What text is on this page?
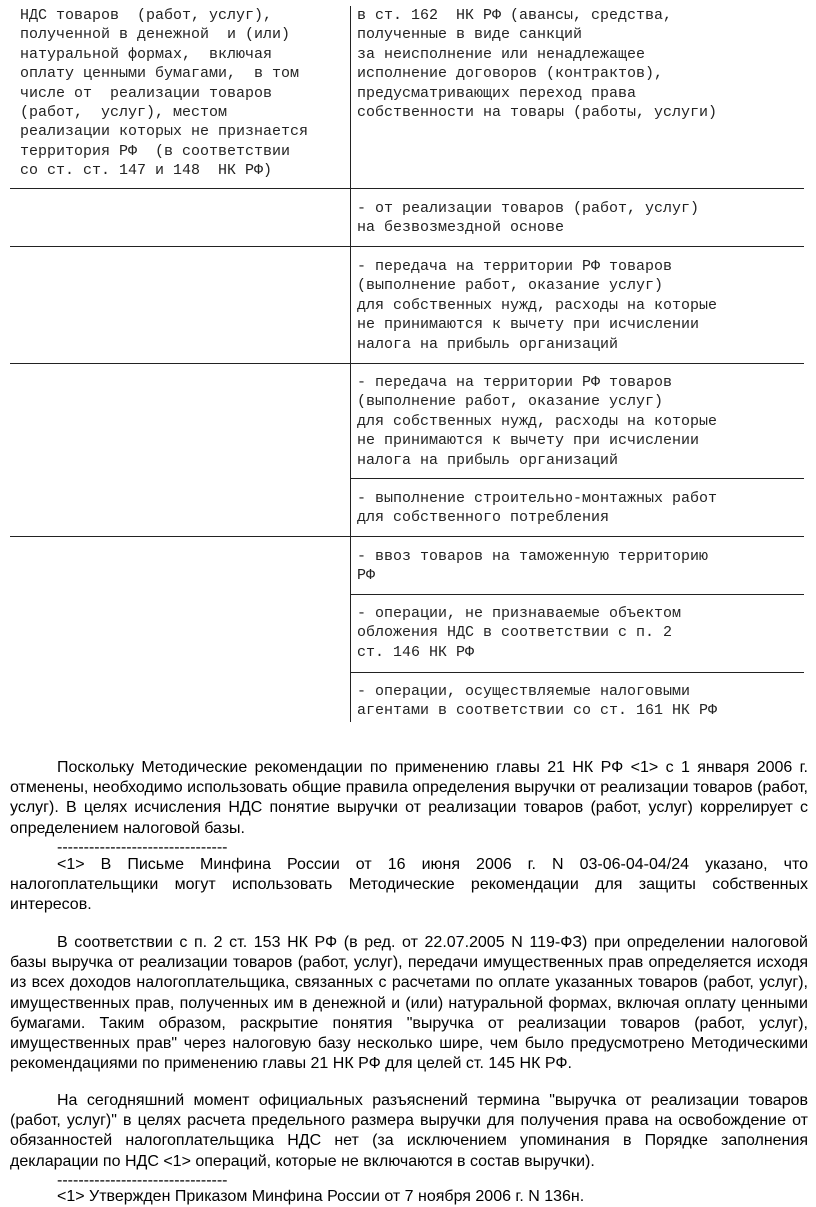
НДС товаров  (работ, услуг),
полученной в денежной  и (или)
натуральной формах,  включая
оплату ценными бумагами,  в том
числе от  реализации товаров
(работ,  услуг), местом
реализации которых не признается
территория РФ  (в соответствии
со ст. ст. 147 и 148  НК РФ)
в ст. 162  НК РФ (авансы, средства,
полученные в виде санкций
за неисполнение или ненадлежащее
исполнение договоров (контрактов),
предусматривающих переход права
собственности на товары (работы, услуги)
- от реализации товаров (работ, услуг)
на безвозмездной основе
- передача на территории РФ товаров
(выполнение работ, оказание услуг)
для собственных нужд, расходы на которые
не принимаются к вычету при исчислении
налога на прибыль организаций
- передача на территории РФ товаров
(выполнение работ, оказание услуг)
для собственных нужд, расходы на которые
не принимаются к вычету при исчислении
налога на прибыль организаций
- выполнение строительно-монтажных работ
для собственного потребления
- ввоз товаров на таможенную территорию
РФ
- операции, не признаваемые объектом
обложения НДС в соответствии с п. 2
ст. 146 НК РФ
- операции, осуществляемые налоговыми
агентами в соответствии со ст. 161 НК РФ
Поскольку Методические рекомендации по применению главы 21 НК РФ <1> с 1 января 2006 г. отменены, необходимо использовать общие правила определения выручки от реализации товаров (работ, услуг). В целях исчисления НДС понятие выручки от реализации товаров (работ, услуг) коррелирует с определением налоговой базы.
--------------------------------
<1> В Письме Минфина России от 16 июня 2006 г. N 03-06-04-04/24 указано, что налогоплательщики могут использовать Методические рекомендации для защиты собственных интересов.
В соответствии с п. 2 ст. 153 НК РФ (в ред. от 22.07.2005 N 119-ФЗ) при определении налоговой базы выручка от реализации товаров (работ, услуг), передачи имущественных прав определяется исходя из всех доходов налогоплательщика, связанных с расчетами по оплате указанных товаров (работ, услуг), имущественных прав, полученных им в денежной и (или) натуральной формах, включая оплату ценными бумагами. Таким образом, раскрытие понятия "выручка от реализации товаров (работ, услуг), имущественных прав" через налоговую базу несколько шире, чем было предусмотрено Методическими рекомендациями по применению главы 21 НК РФ для целей ст. 145 НК РФ.
На сегодняшний момент официальных разъяснений термина "выручка от реализации товаров (работ, услуг)" в целях расчета предельного размера выручки для получения права на освобождение от обязанностей налогоплательщика НДС нет (за исключением упоминания в Порядке заполнения декларации по НДС <1> операций, которые не включаются в состав выручки).
--------------------------------
<1> Утвержден Приказом Минфина России от 7 ноября 2006 г. N 136н.
